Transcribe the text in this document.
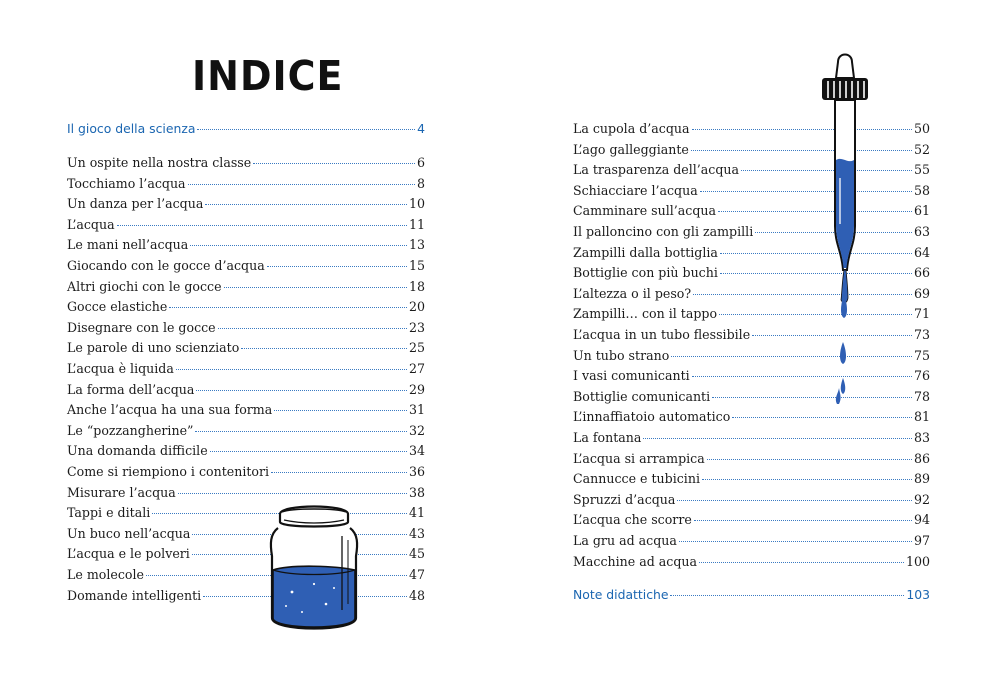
INDICE
Il gioco della scienza	4
Un ospite nella nostra classe	6
Tocchiamo l’acqua	8
Un danza per l’acqua	10
L’acqua	11
Le mani nell’acqua	13
Giocando con le gocce d’acqua	15
Altri giochi con le gocce	18
Gocce elastiche	20
Disegnare con le gocce	23
Le parole di uno scienziato	25
L’acqua è liquida	27
La forma dell’acqua	29
Anche l’acqua ha una sua forma	31
Le “pozzangherine”	32
Una domanda difficile	34
Come si riempiono i contenitori	36
Misurare l’acqua	38
Tappi e ditali	41
Un buco nell’acqua	43
L’acqua e le polveri	45
Le molecole	47
Domande intelligenti	48
La cupola d’acqua	50
L’ago galleggiante	52
La trasparenza dell’acqua	55
Schiacciare l’acqua	58
Camminare sull’acqua	61
Il palloncino con gli zampilli	63
Zampilli dalla bottiglia	64
Bottiglie con più buchi	66
L’altezza o il peso?	69
Zampilli… con il tappo	71
L’acqua in un tubo flessibile	73
Un tubo strano	75
I vasi comunicanti	76
Bottiglie comunicanti	78
L’innaffiatoio automatico	81
La fontana	83
L’acqua si arrampica	86
Cannucce e tubicini	89
Spruzzi d’acqua	92
L’acqua che scorre	94
La gru ad acqua	97
Macchine ad acqua	100
Note didattiche	103
